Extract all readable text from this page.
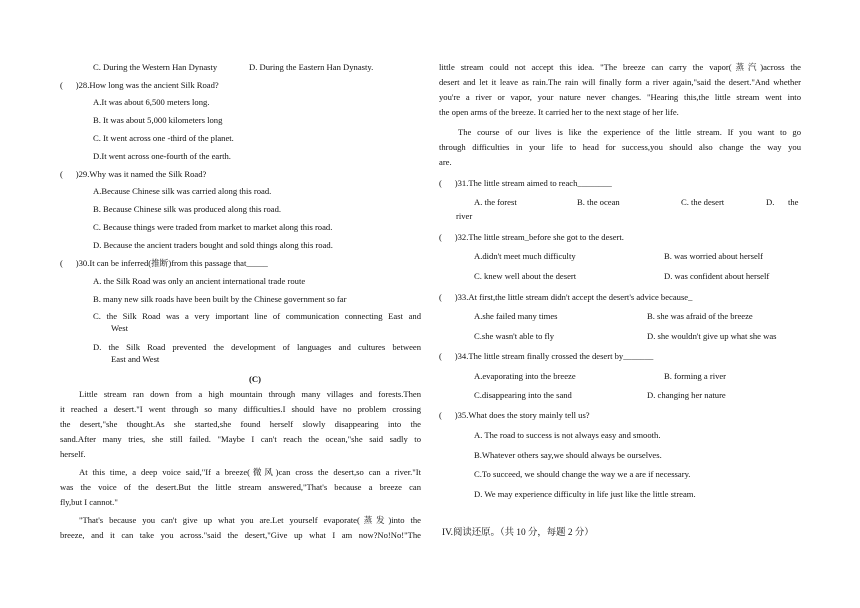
C. During the Western Han Dynasty	D. During the Eastern Han Dynasty.
(      )28.How long was the ancient Silk Road?
A.It was about 6,500 meters long.
B. It was about 5,000 kilometers long
C. It went across one -third of the planet.
D.It went across one-fourth of the earth.
(      )29.Why was it named the Silk Road?
A.Because Chinese silk was carried along this road.
B. Because Chinese silk was produced along this road.
C. Because things were traded from market to market along this road.
D. Because the ancient traders bought and sold things along this road.
(      )30.It can be inferred(推断)from this passage that_____
A. the Silk Road was only an ancient international trade route
B. many new silk roads have been built by the Chinese government so far
C. the Silk Road was a very important line of communication connecting East and
West
D. the Silk Road prevented the development of languages and cultures between
East and West
(C)
Little stream ran down from a high mountain through many villages and forests.Then
it reached a desert."I went through so many difficulties.I should have no problem crossing
the desert,"she thought.As she started,she found herself slowly disappearing into the
sand.After many tries, she still failed. "Maybe I can't reach the ocean,"she said sadly to
herself.
At this time, a deep voice said,"If a breeze(微风)can cross the desert,so can a river."It
was the voice of the desert.But the little stream answered,"That's because a breeze can
fly,but I cannot."
"That's because you can't give up what you are.Let yourself evaporate(蒸发)into the
breeze, and it can take you across."said the desert,"Give up what I am now?No!No!"The
little stream could not accept this idea. "The breeze can carry the vapor(蒸汽)across the
desert and let it leave as rain.The rain will finally form a river again,"said the desert."And whether
you're a river or vapor, your nature never changes. "Hearing this,the little stream went into
the open arms of the breeze. It carried her to the next stage of her life.
The course of our lives is like the experience of the little stream. If you want to go
through difficulties in your life to head for success,you should also change the way you
are.
(      )31.The little stream aimed to reach________
A. the forest	B. the ocean	C. the desert	D. the
river
(      )32.The little stream_before she got to the desert.
A.didn't meet much difficulty	B. was worried about herself
C. knew well about the desert	D. was confident about herself
(      )33.At first,the little stream didn't accept the desert's advice because_
A.she failed many times	B. she was afraid of the breeze
C.she wasn't able to fly	D. she wouldn't give up what she was
(      )34.The little stream finally crossed the desert by_______
A.evaporating into the breeze	B. forming a river
C.disappearing into the sand	D. changing her nature
(      )35.What does the story mainly tell us?
A. The road to success is not always easy and smooth.
B.Whatever others say,we should always be ourselves.
C.To succeed, we should change the way we a are if necessary.
D. We may experience difficulty in life just like the little stream.
IV.阅读还原。（共 10 分，每题 2 分）
